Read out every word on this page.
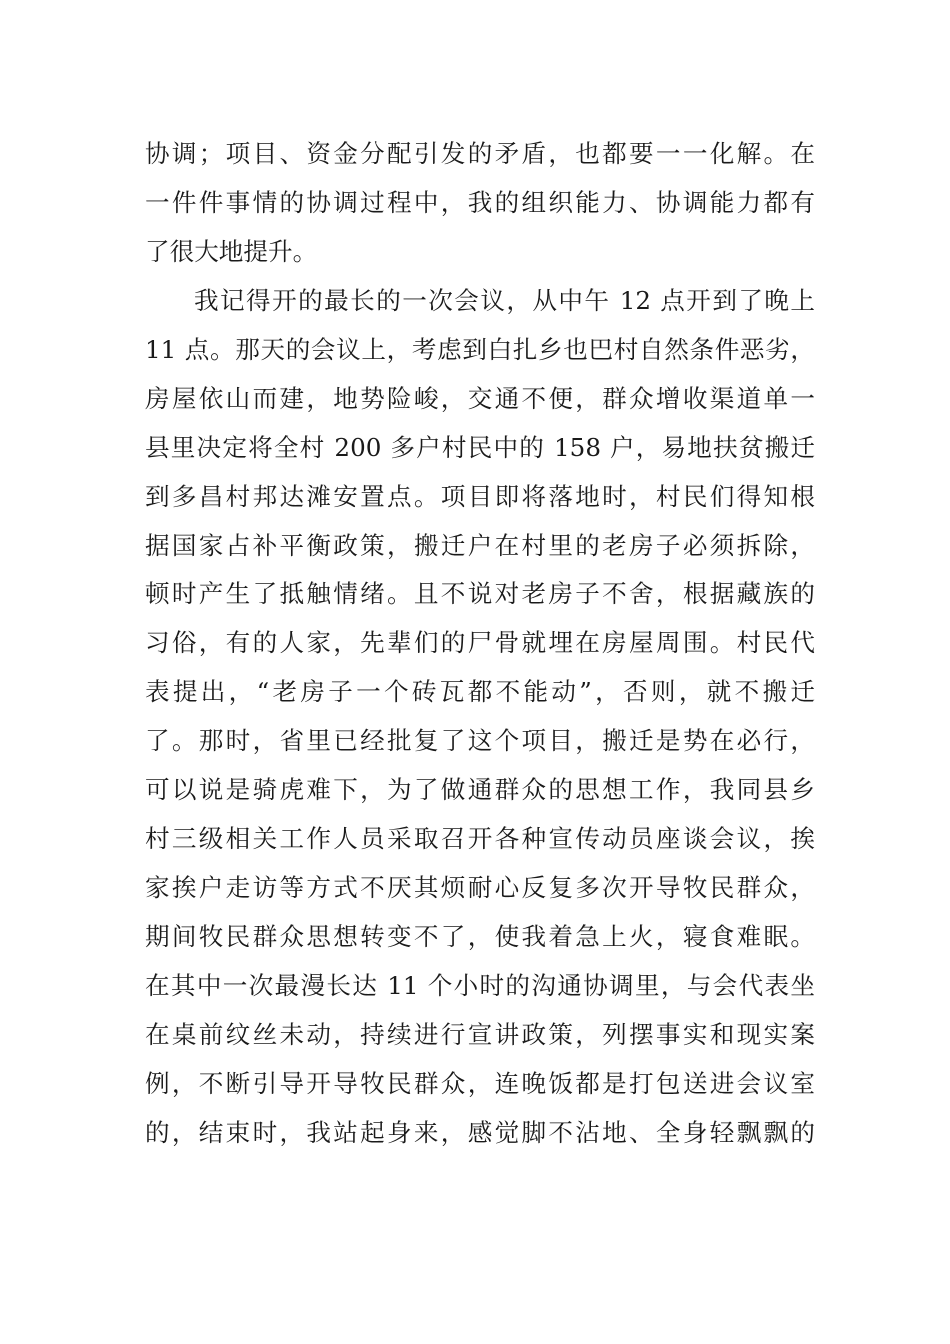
协调；项目、资金分配引发的矛盾，也都要一一化解。在
一件件事情的协调过程中，我的组织能力、协调能力都有
了很大地提升。
我记得开的最长的一次会议，从中午 12 点开到了晚上
11 点。那天的会议上，考虑到白扎乡也巴村自然条件恶劣，
房屋依山而建，地势险峻，交通不便，群众增收渠道单一
县里决定将全村 200 多户村民中的 158 户，易地扶贫搬迁
到多昌村邦达滩安置点。项目即将落地时，村民们得知根
据国家占补平衡政策，搬迁户在村里的老房子必须拆除，
顿时产生了抵触情绪。且不说对老房子不舍，根据藏族的
习俗，有的人家，先辈们的尸骨就埋在房屋周围。村民代
表提出，“老房子一个砖瓦都不能动”，否则，就不搬迁
了。那时，省里已经批复了这个项目，搬迁是势在必行，
可以说是骑虎难下，为了做通群众的思想工作，我同县乡
村三级相关工作人员采取召开各种宣传动员座谈会议，挨
家挨户走访等方式不厌其烦耐心反复多次开导牧民群众，
期间牧民群众思想转变不了，使我着急上火，寝食难眠。
在其中一次最漫长达 11 个小时的沟通协调里，与会代表坐
在桌前纹丝未动，持续进行宣讲政策，列摆事实和现实案
例，不断引导开导牧民群众，连晚饭都是打包送进会议室
的，结束时，我站起身来，感觉脚不沾地、全身轻飘飘的
